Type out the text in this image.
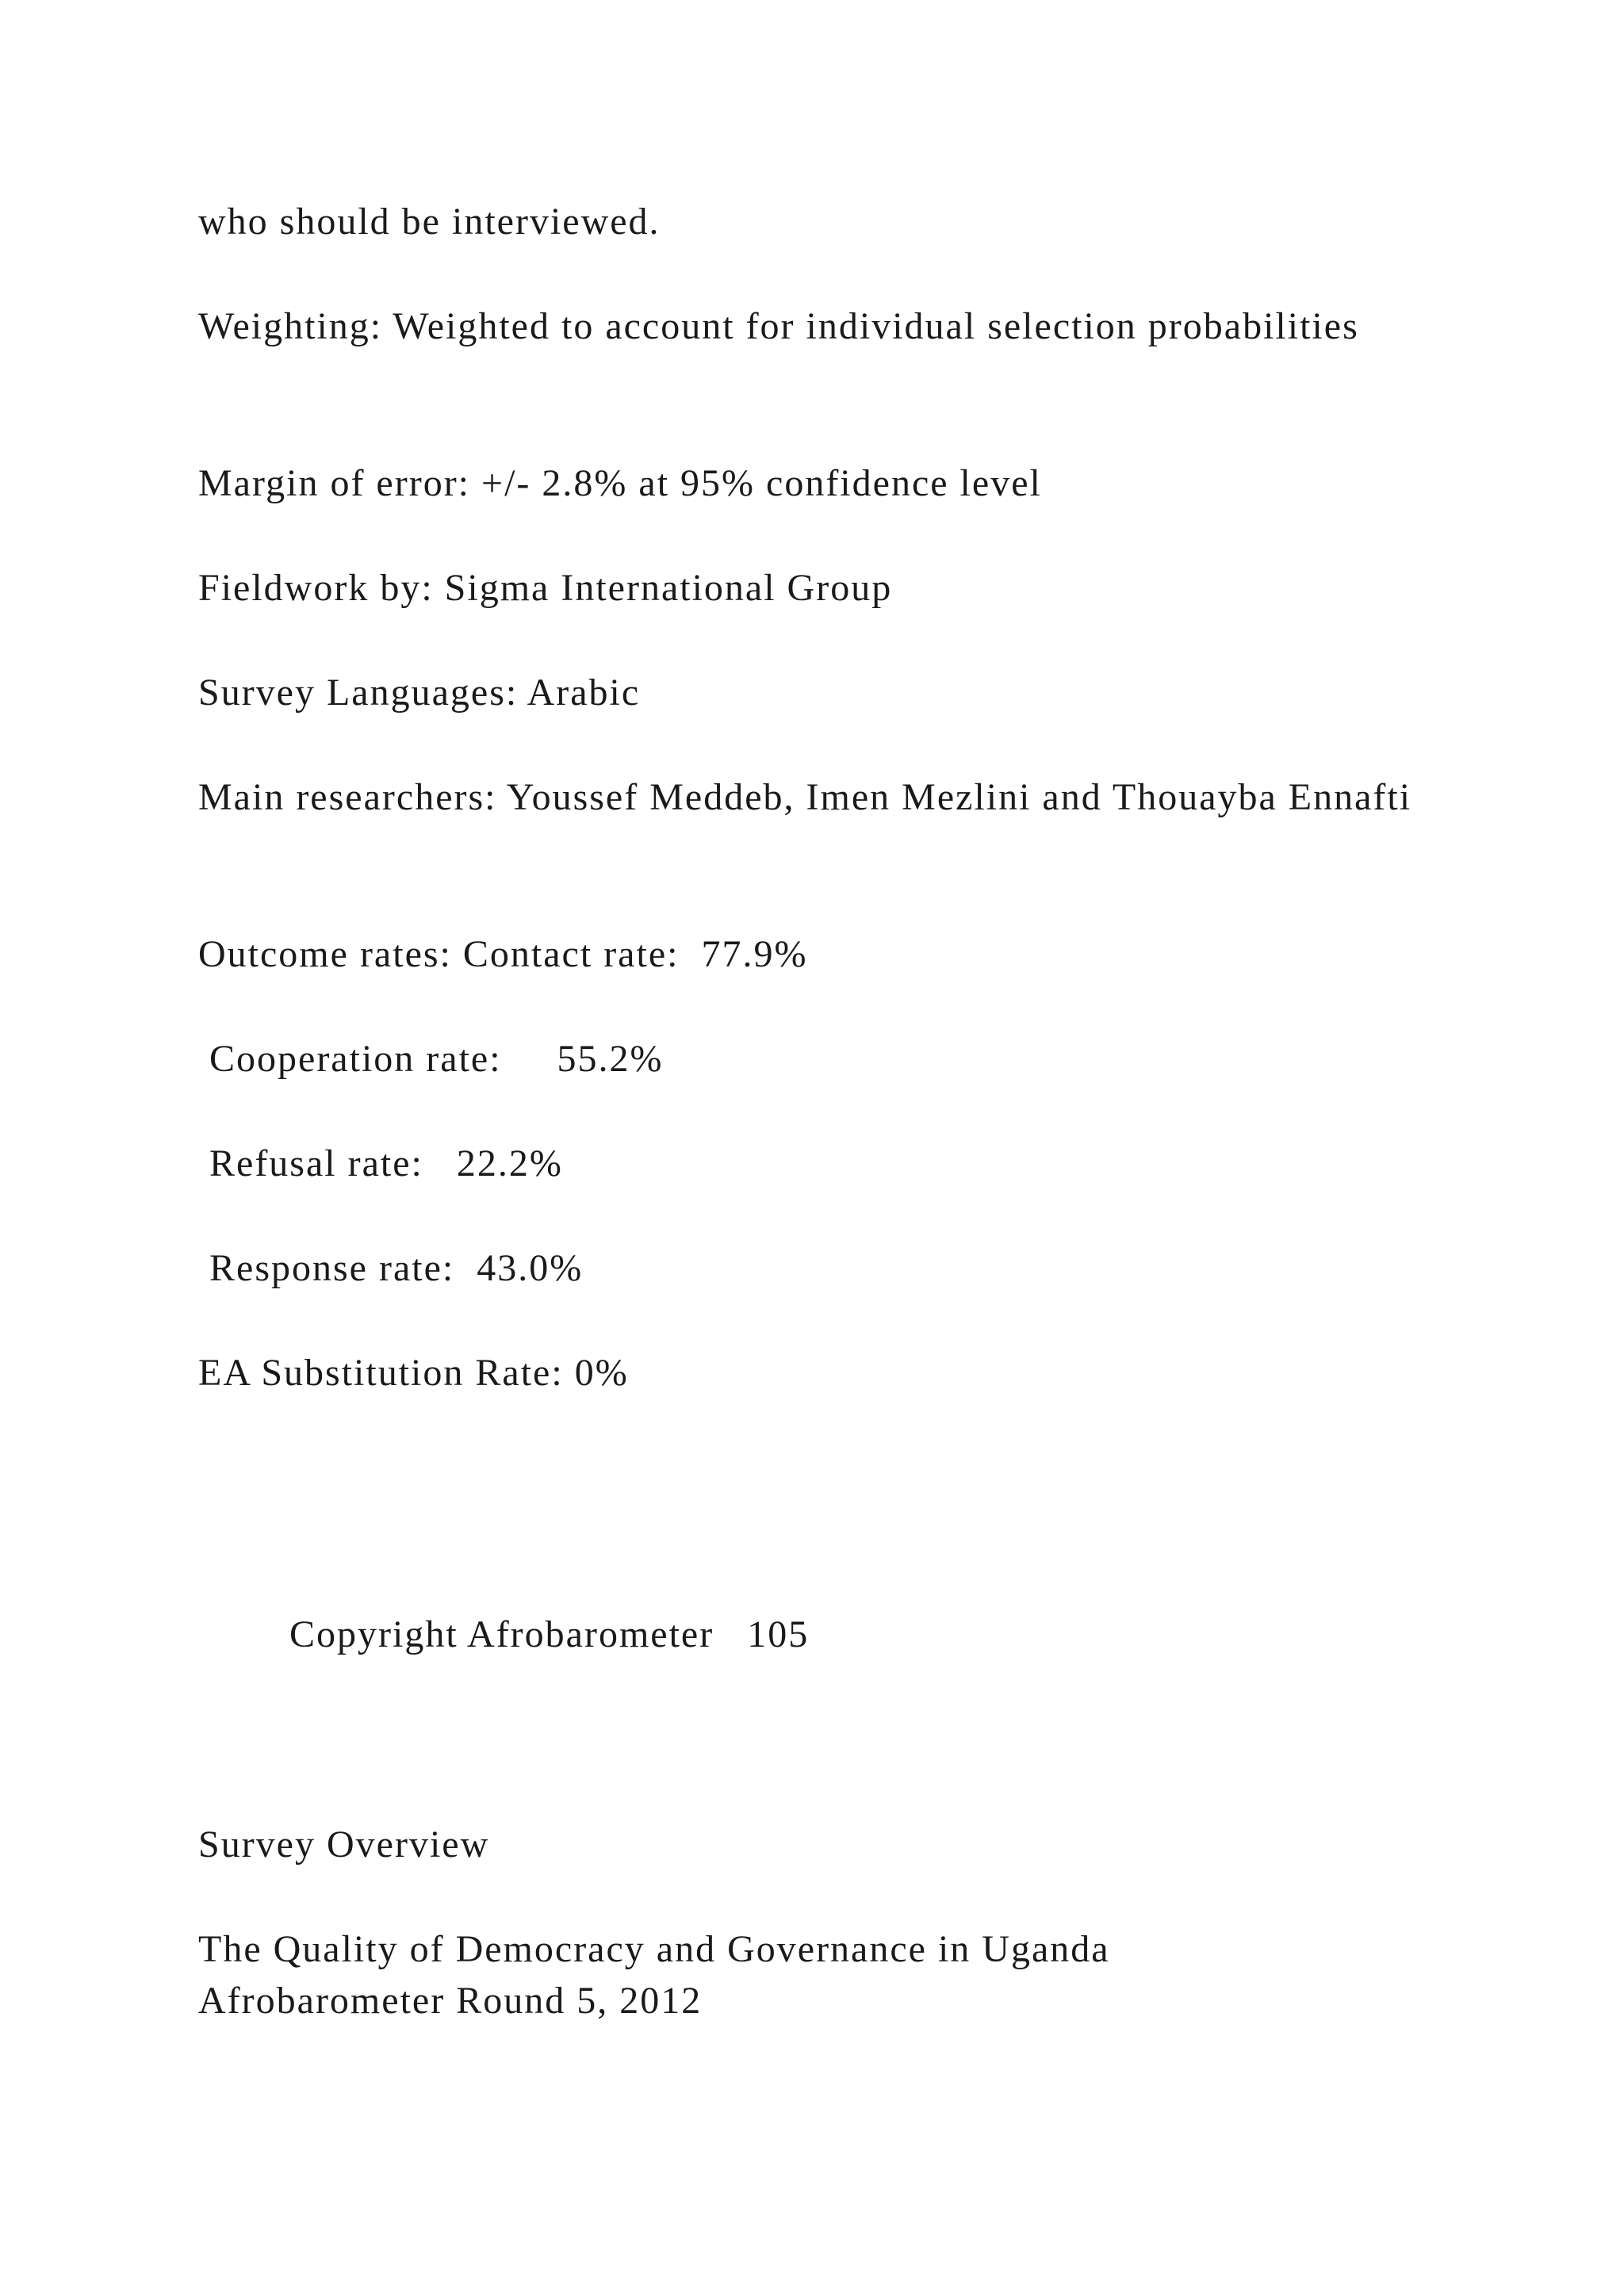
who should be interviewed.

Weighting: Weighted to account for individual selection probabilities

Margin of error: +/- 2.8% at 95% confidence level

Fieldwork by: Sigma International Group

Survey Languages: Arabic

Main researchers: Youssef Meddeb, Imen Mezlini and Thouayba Ennafti

Outcome rates: Contact rate:  77.9%

Cooperation rate:     55.2%

Refusal rate:   22.2%

Response rate:  43.0%

EA Substitution Rate: 0%

Copyright Afrobarometer   105

Survey Overview

The Quality of Democracy and Governance in Uganda

Afrobarometer Round 5, 2012
